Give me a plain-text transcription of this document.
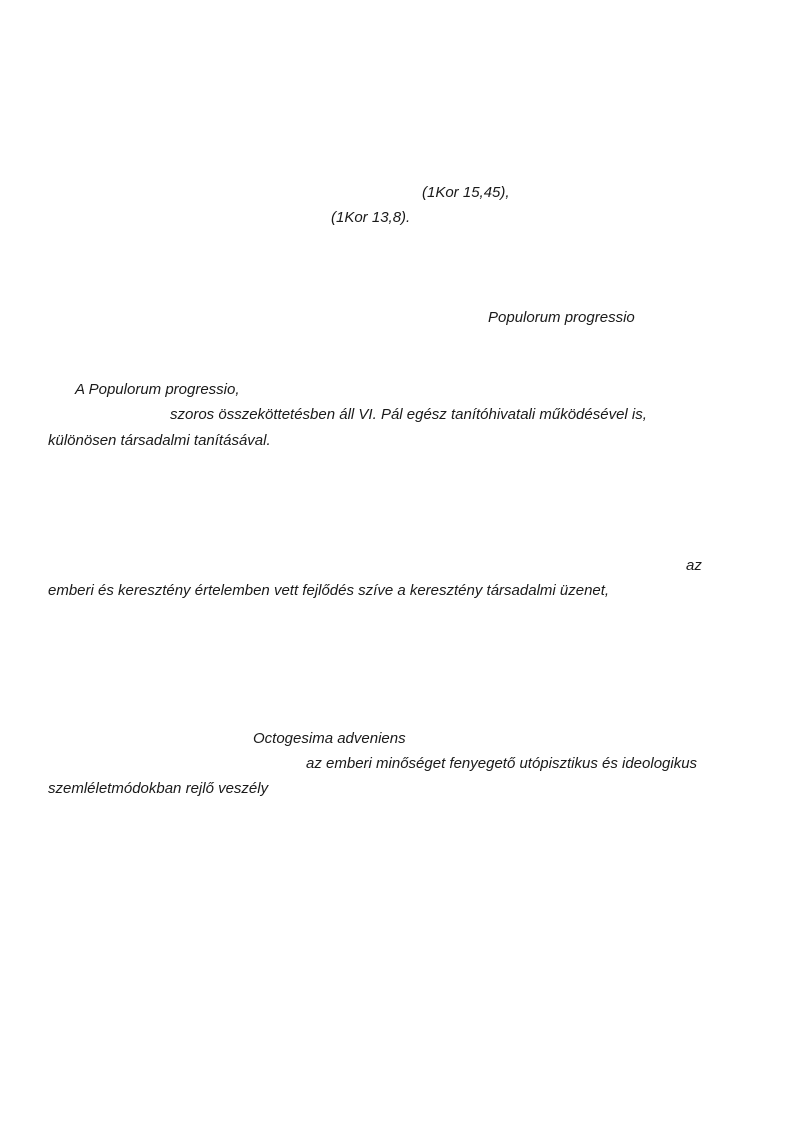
(1Kor 15,45),
(1Kor 13,8).
Populorum progressio
A Populorum progressio,
szoros összeköttetésben áll VI. Pál egész tanítóhivatali működésével is,
különösen társadalmi tanításával.
az
emberi és keresztény értelemben vett fejlődés szíve a keresztény társadalmi üzenet,
Octogesima adveniens
az emberi minőséget fenyegető utópisztikus és ideologikus
szemléletmódokban rejlő veszély
